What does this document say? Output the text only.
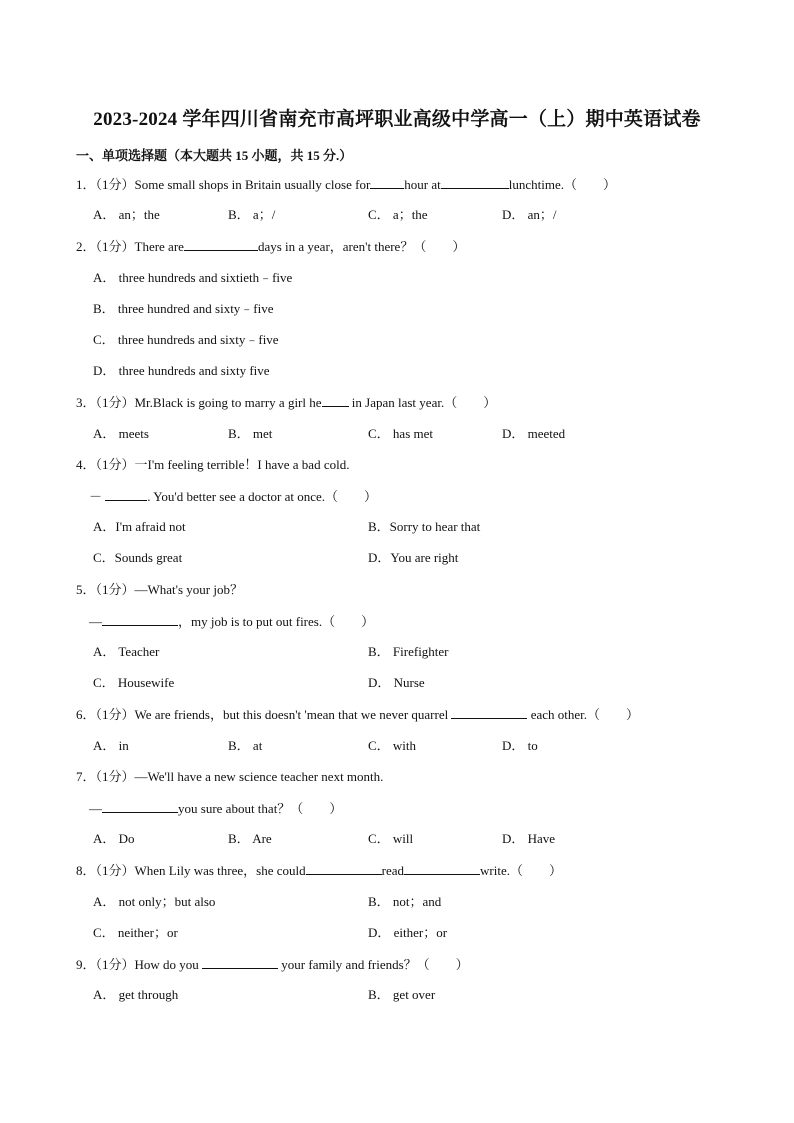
2023-2024 学年四川省南充市高坪职业高级中学高一（上）期中英语试卷
一、单项选择题（本大题共 15 小题，共 15 分.）
1．（1分）Some small shops in Britain usually close for	hour at	lunchtime.（　　）
A． an；the	B． a；/	C． a；the	D． an；/
2．（1分）There are	days in a year，aren't there？（　　）
A． three hundreds and sixtieth﹣five
B． three hundred and sixty﹣five
C． three hundreds and sixty﹣five
D． three hundreds and sixty five
3．（1分）Mr.Black is going to marry a girl he in Japan last year.（　　）
A． meets	B． met	C． has met	D． meeted
4．（1分）一I'm feeling terrible！I have a bad cold.
　－	. You'd better see a doctor at once.（　　）
A．I'm afraid not	B．Sorry to hear that
C．Sounds great	D．You are right
5．（1分）—What's your job？
　—	，my job is to put out fires.（　　）
A． Teacher	B． Firefighter
C． Housewife	D． Nurse
6．（1分）We are friends，but this doesn't 'mean that we never quarrel	each other.（　　）
A． in	B． at	C． with	D． to
7．（1分）—We'll have a new science teacher next month.
　—	you sure about that？（　　）
A． Do	B． Are	C． will	D． Have
8．（1分）When Lily was three，she could	read	write.（　　）
A． not only；but also	B． not；and
C． neither；or	D． either；or
9．（1分）How do you	your family and friends？（　　）
A． get through	B． get over
